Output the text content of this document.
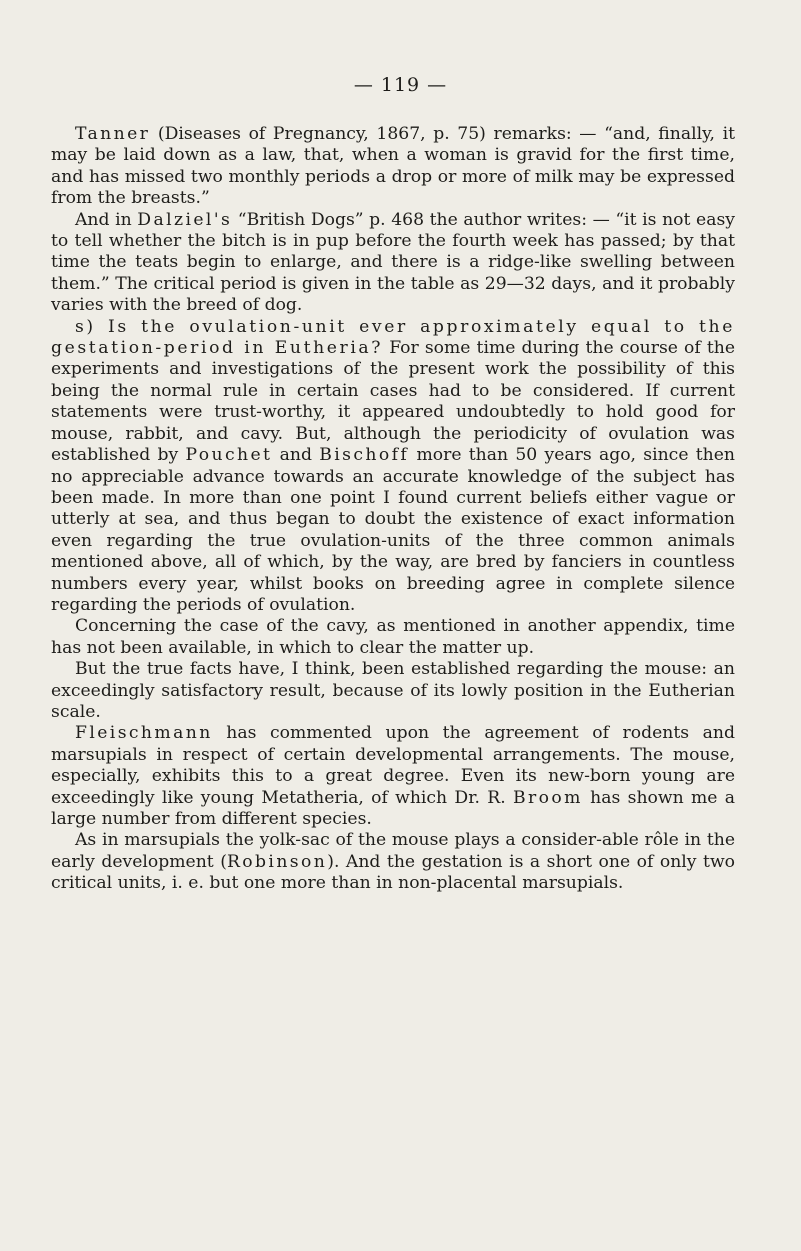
— 119 —

Tanner (Diseases of Pregnancy, 1867, p. 75) remarks: — “and, finally, it may be laid down as a law, that, when a woman is gravid for the first time, and has missed two monthly periods a drop or more of milk may be expressed from the breasts.”

And in Dalziel's “British Dogs” p. 468 the author writes: — “it is not easy to tell whether the bitch is in pup before the fourth week has passed; by that time the teats begin to enlarge, and there is a ridge-like swelling between them.” The critical period is given in the table as 29—32 days, and it probably varies with the breed of dog.

s) Is the ovulation-unit ever approximately equal to the gestation-period in Eutheria? For some time during the course of the experiments and investigations of the present work the possibility of this being the normal rule in certain cases had to be considered. If current statements were trust-worthy, it appeared undoubtedly to hold good for mouse, rabbit, and cavy. But, although the periodicity of ovulation was established by Pouchet and Bischoff more than 50 years ago, since then no appreciable advance towards an accurate knowledge of the subject has been made. In more than one point I found current beliefs either vague or utterly at sea, and thus began to doubt the existence of exact information even regarding the true ovulation-units of the three common animals mentioned above, all of which, by the way, are bred by fanciers in countless numbers every year, whilst books on breeding agree in complete silence regarding the periods of ovulation.

Concerning the case of the cavy, as mentioned in another appendix, time has not been available, in which to clear the matter up.

But the true facts have, I think, been established regarding the mouse: an exceedingly satisfactory result, because of its lowly position in the Eutherian scale.

Fleischmann has commented upon the agreement of rodents and marsupials in respect of certain developmental arrangements. The mouse, especially, exhibits this to a great degree. Even its new-born young are exceedingly like young Metatheria, of which Dr. R. Broom has shown me a large number from different species.

As in marsupials the yolk-sac of the mouse plays a consider-able rôle in the early development (Robinson). And the gestation is a short one of only two critical units, i. e. but one more than in non-placental marsupials.
